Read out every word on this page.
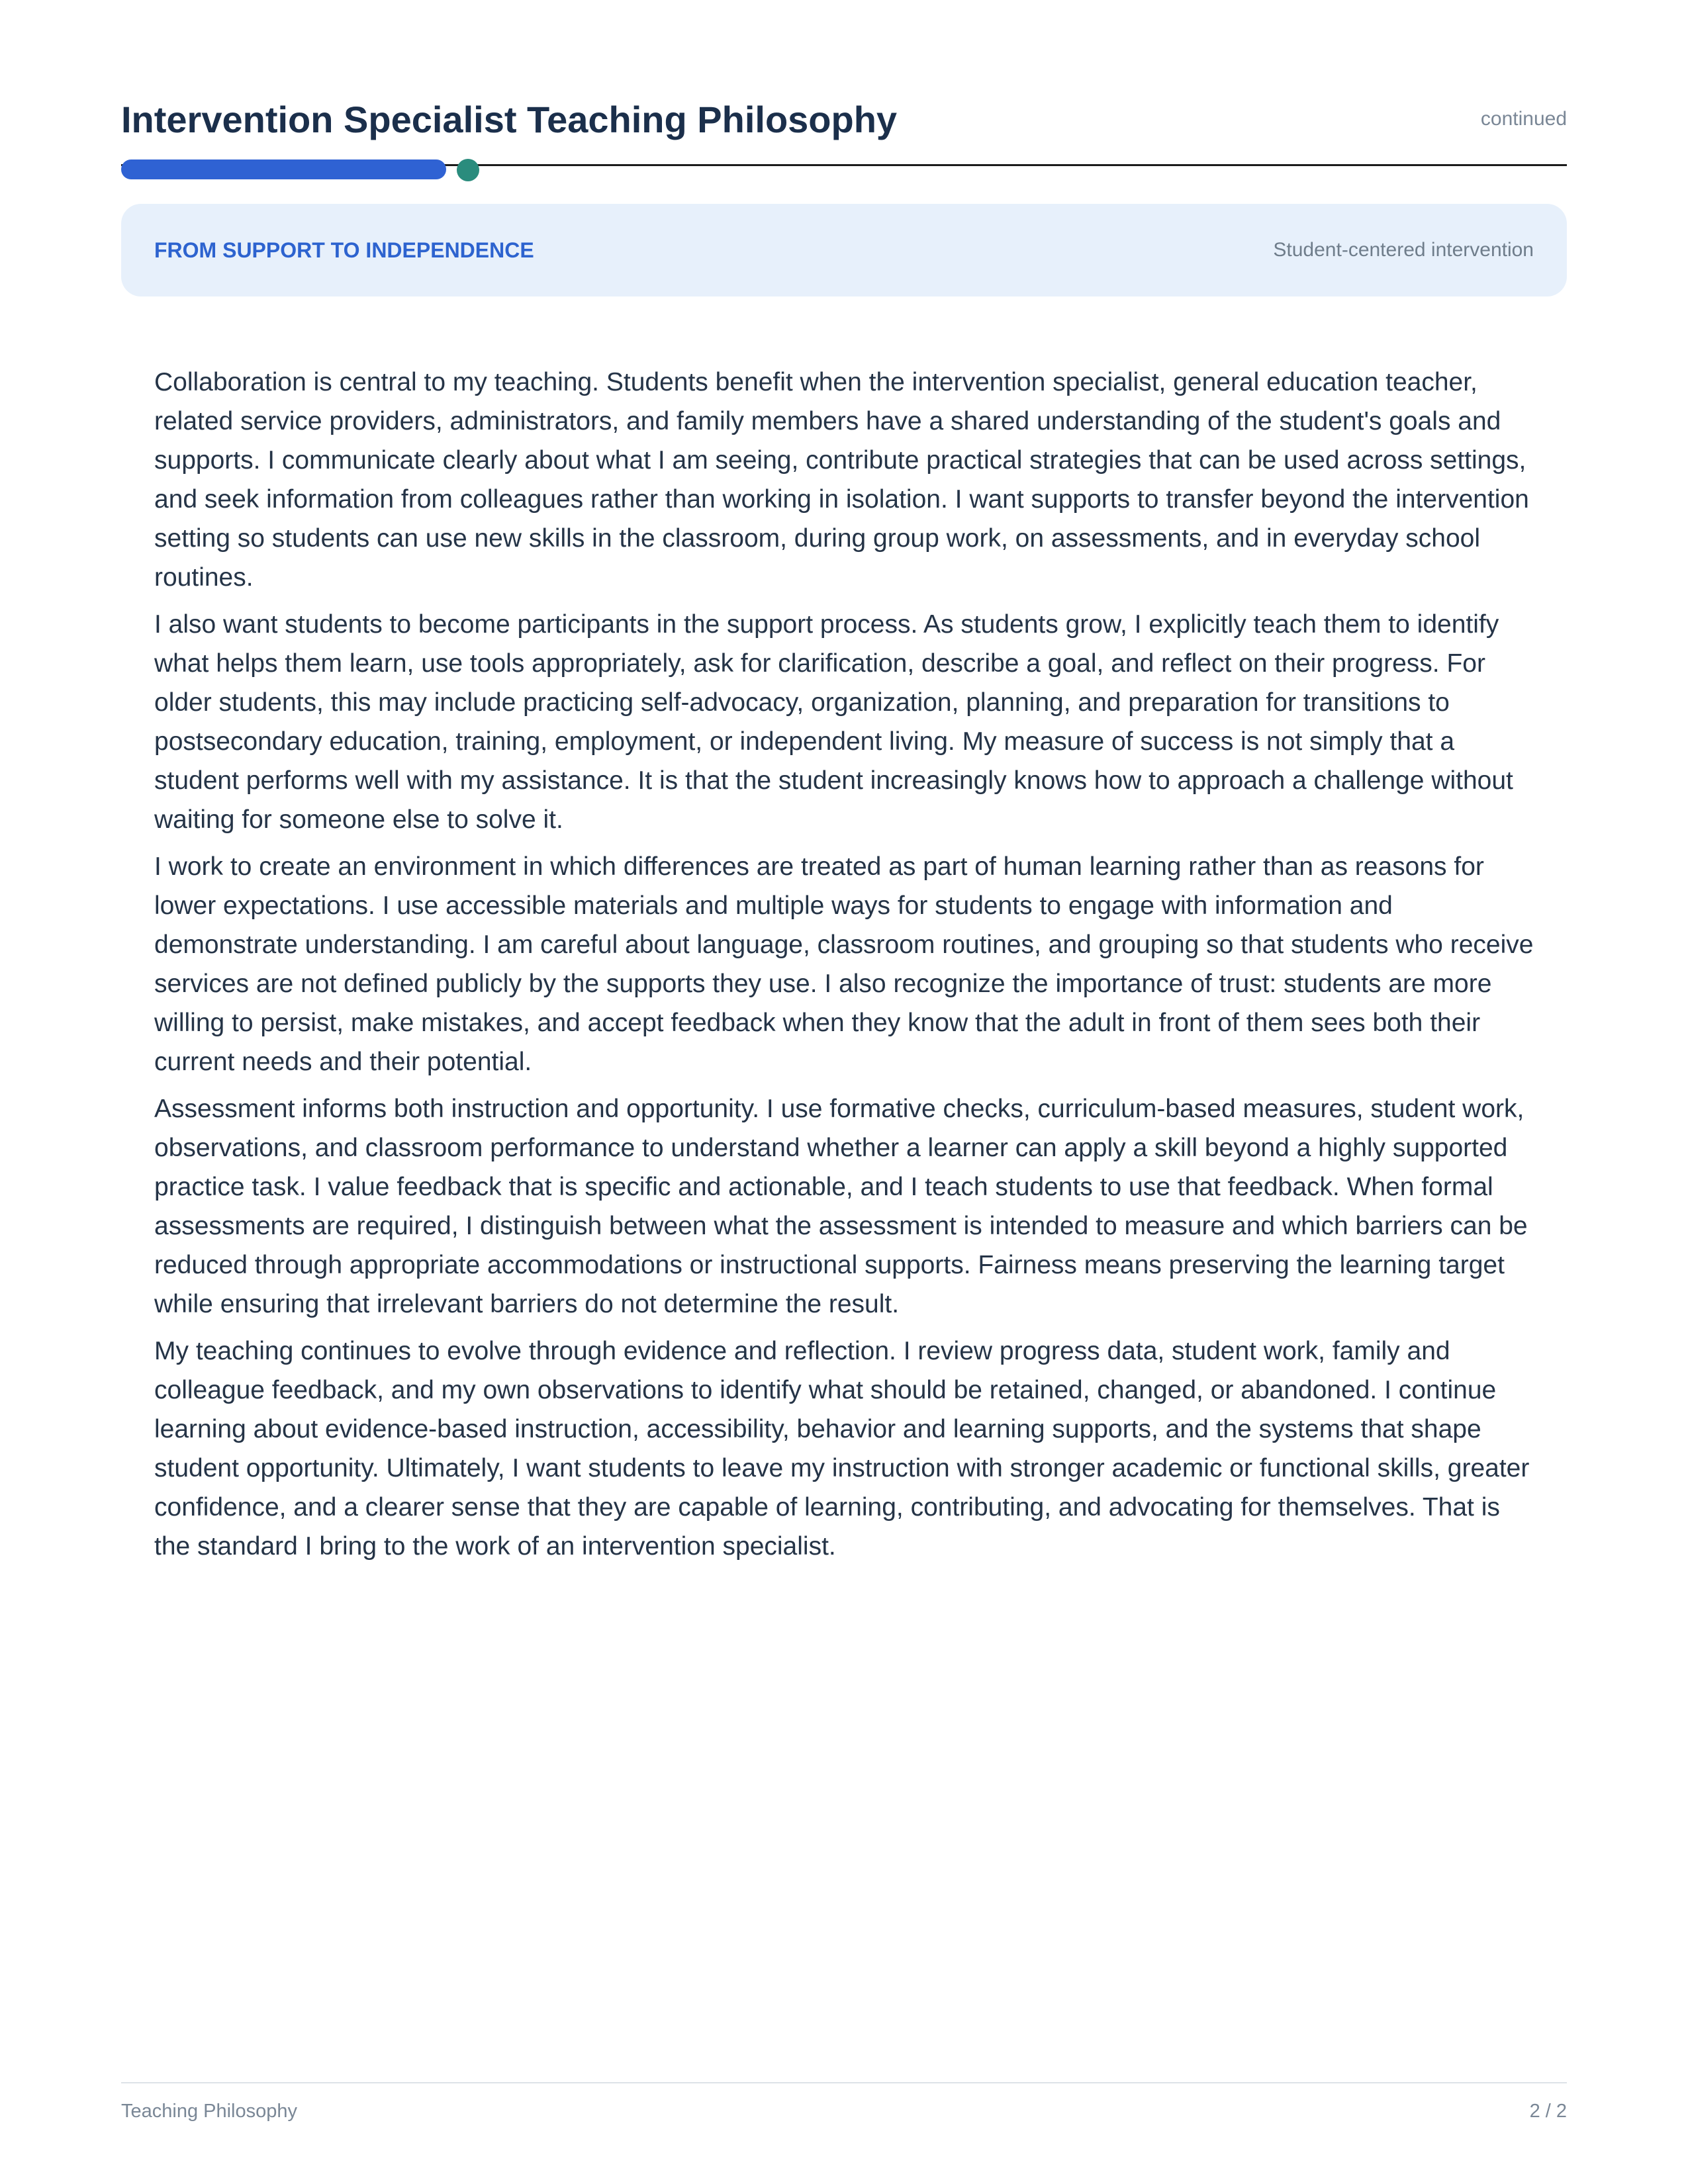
Intervention Specialist Teaching Philosophy	continued
FROM SUPPORT TO INDEPENDENCE	Student-centered intervention

Collaboration is central to my teaching. Students benefit when the intervention specialist, general education teacher, related service providers, administrators, and family members have a shared understanding of the student's goals and supports. I communicate clearly about what I am seeing, contribute practical strategies that can be used across settings, and seek information from colleagues rather than working in isolation. I want supports to transfer beyond the intervention setting so students can use new skills in the classroom, during group work, on assessments, and in everyday school routines.

I also want students to become participants in the support process. As students grow, I explicitly teach them to identify what helps them learn, use tools appropriately, ask for clarification, describe a goal, and reflect on their progress. For older students, this may include practicing self-advocacy, organization, planning, and preparation for transitions to postsecondary education, training, employment, or independent living. My measure of success is not simply that a student performs well with my assistance. It is that the student increasingly knows how to approach a challenge without waiting for someone else to solve it.

I work to create an environment in which differences are treated as part of human learning rather than as reasons for lower expectations. I use accessible materials and multiple ways for students to engage with information and demonstrate understanding. I am careful about language, classroom routines, and grouping so that students who receive services are not defined publicly by the supports they use. I also recognize the importance of trust: students are more willing to persist, make mistakes, and accept feedback when they know that the adult in front of them sees both their current needs and their potential.

Assessment informs both instruction and opportunity. I use formative checks, curriculum-based measures, student work, observations, and classroom performance to understand whether a learner can apply a skill beyond a highly supported practice task. I value feedback that is specific and actionable, and I teach students to use that feedback. When formal assessments are required, I distinguish between what the assessment is intended to measure and which barriers can be reduced through appropriate accommodations or instructional supports. Fairness means preserving the learning target while ensuring that irrelevant barriers do not determine the result.

My teaching continues to evolve through evidence and reflection. I review progress data, student work, family and colleague feedback, and my own observations to identify what should be retained, changed, or abandoned. I continue learning about evidence-based instruction, accessibility, behavior and learning supports, and the systems that shape student opportunity. Ultimately, I want students to leave my instruction with stronger academic or functional skills, greater confidence, and a clearer sense that they are capable of learning, contributing, and advocating for themselves. That is the standard I bring to the work of an intervention specialist.

Teaching Philosophy	2 / 2
